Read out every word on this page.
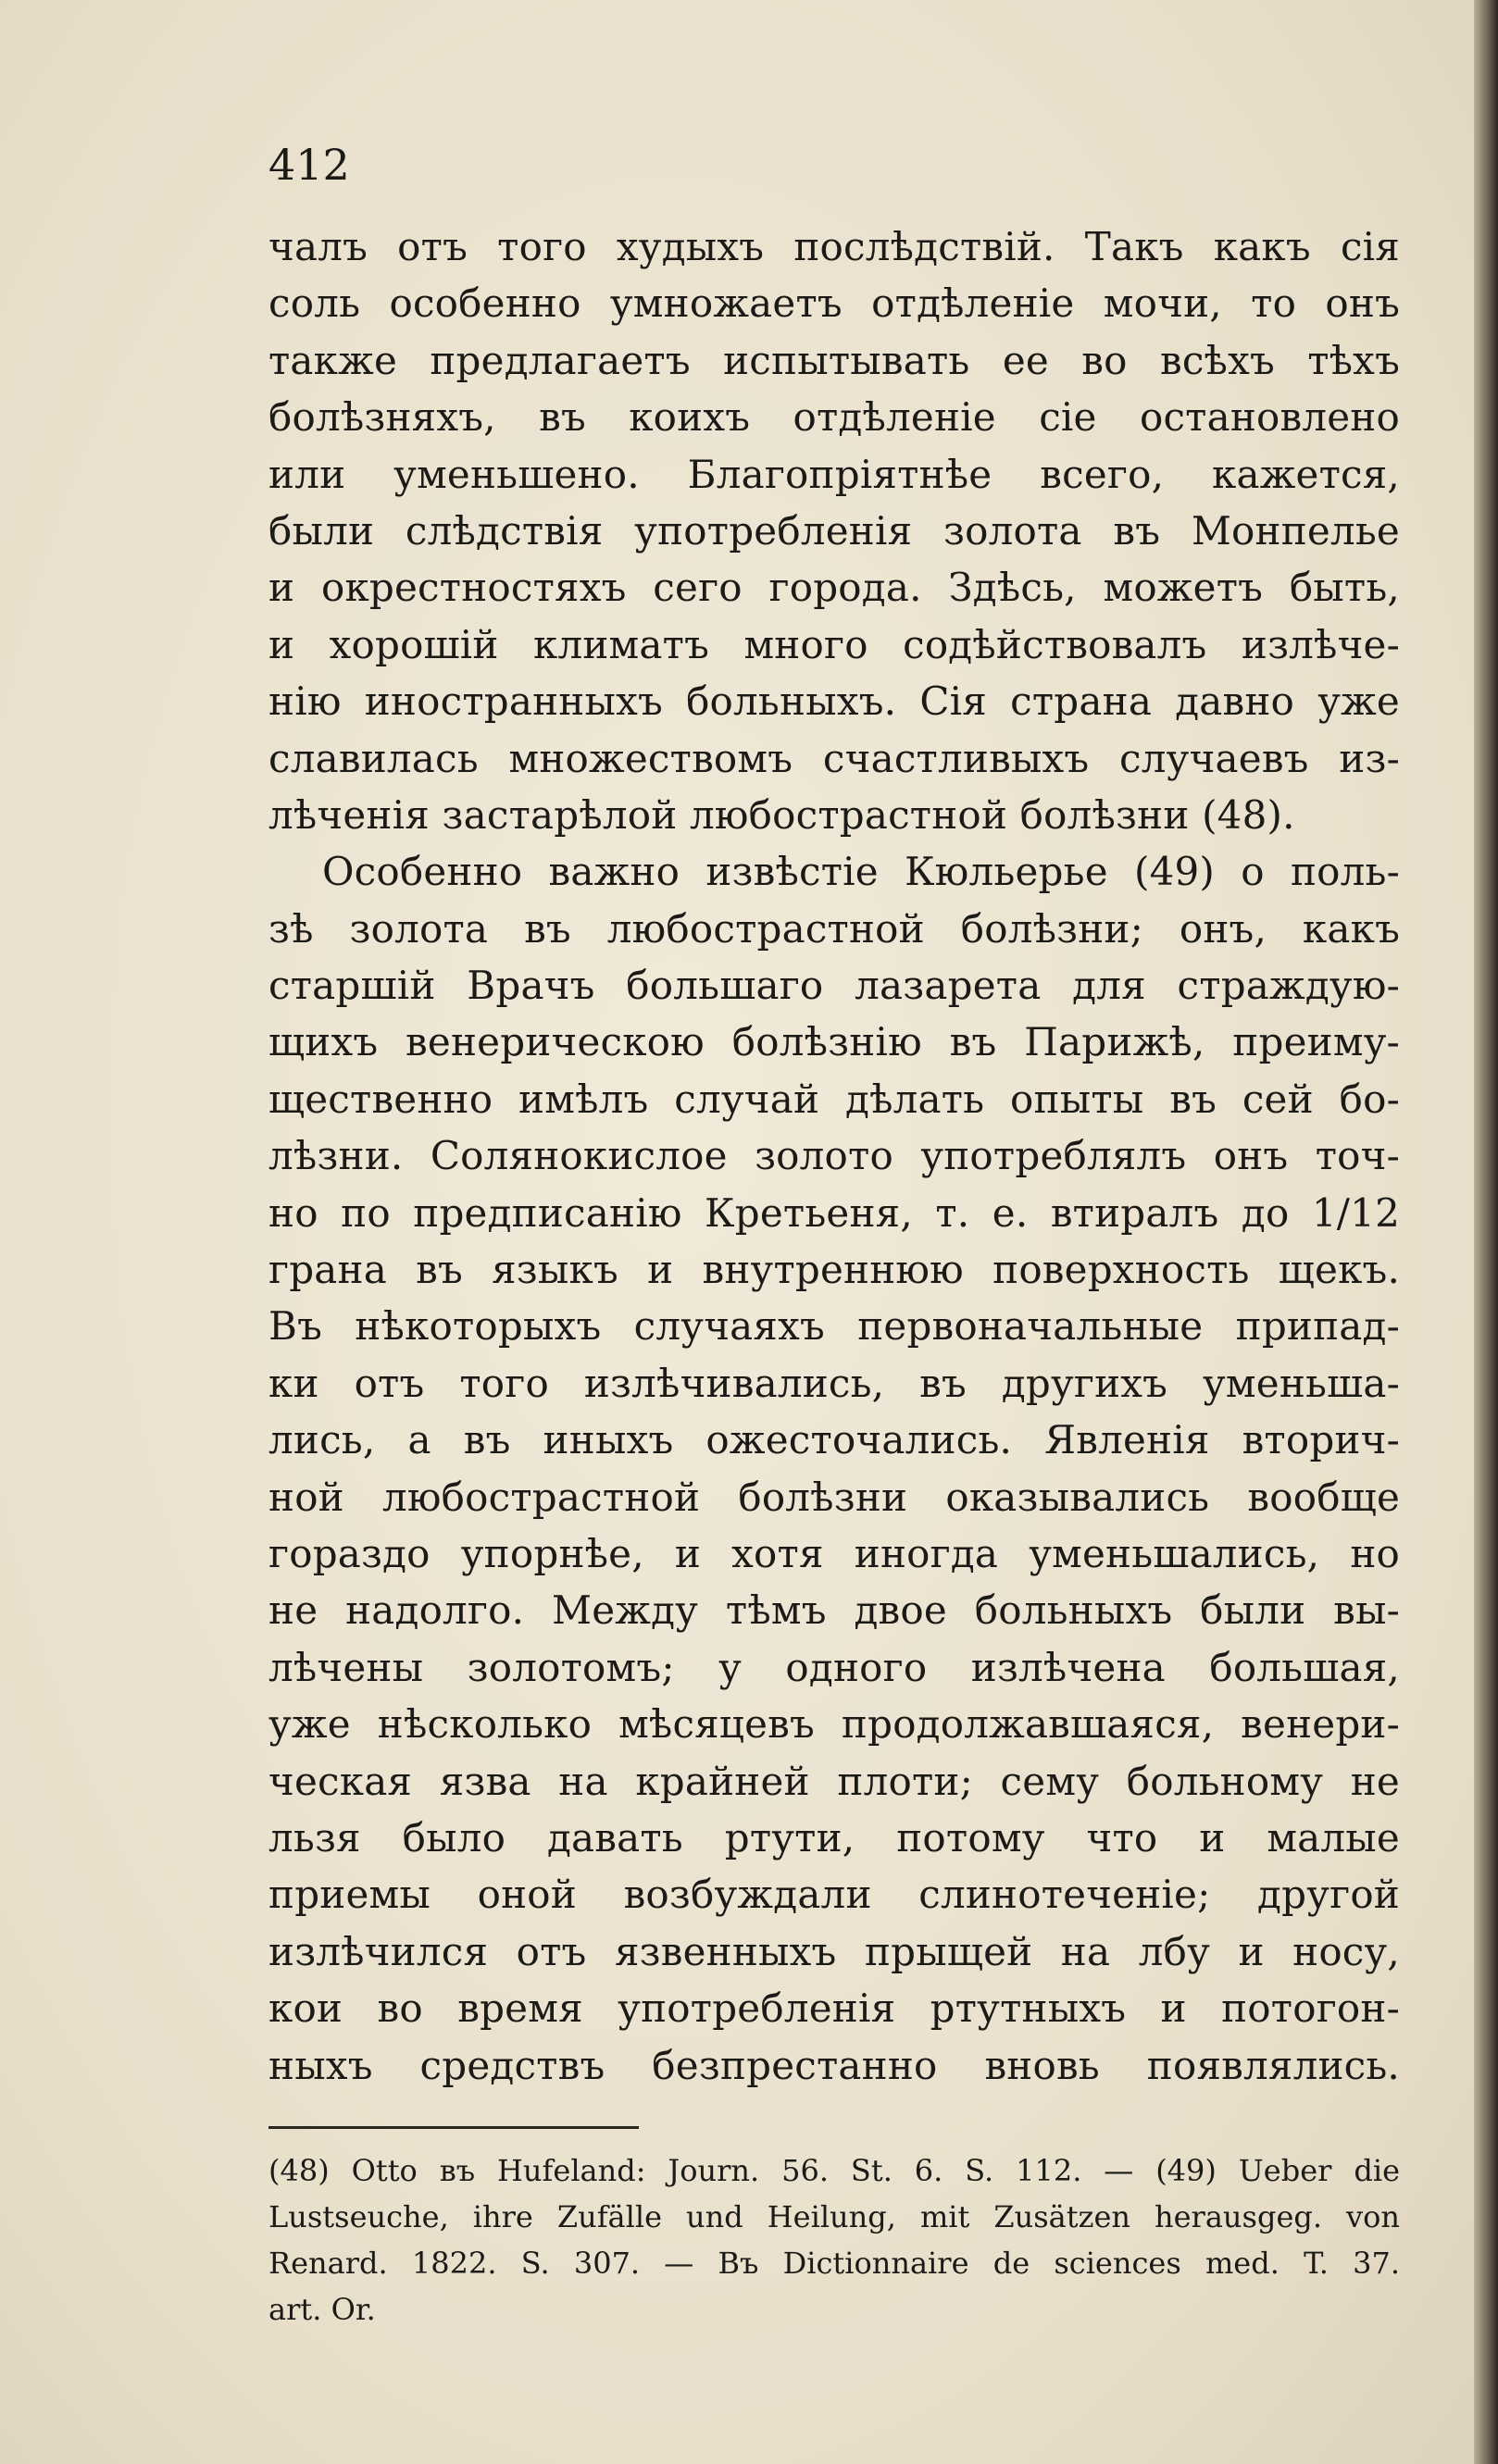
412
чалъ отъ того худыхъ послѣдствій. Такъ какъ сія
соль особенно умножаетъ отдѣленіе мочи, то онъ
также предлагаетъ испытывать ее во всѣхъ тѣхъ
болѣзняхъ, въ коихъ отдѣленіе сіе остановлено
или уменьшено. Благопріятнѣе всего, кажется,
были слѣдствія употребленія золота въ Монпелье
и окрестностяхъ сего города. Здѣсь, можетъ быть,
и хорошій климатъ много содѣйствовалъ излѣче-
нію иностранныхъ больныхъ. Сія страна давно уже
славилась множествомъ счастливыхъ случаевъ из-
лѣченія застарѣлой любострастной болѣзни (48).
Особенно важно извѣстіе Кюльерье (49) о поль-
зѣ золота въ любострастной болѣзни; онъ, какъ
старшій Врачъ большаго лазарета для страждую-
щихъ венерическою болѣзнію въ Парижѣ, преиму-
щественно имѣлъ случай дѣлать опыты въ сей бо-
лѣзни. Солянокислое золото употреблялъ онъ точ-
но по предписанію Кретьеня, т. е. втиралъ до 1/12
грана въ языкъ и внутреннюю поверхность щекъ.
Въ нѣкоторыхъ случаяхъ первоначальные припад-
ки отъ того излѣчивались, въ другихъ уменьша-
лись, а въ иныхъ ожесточались. Явленія вторич-
ной любострастной болѣзни оказывались вообще
гораздо упорнѣе, и хотя иногда уменьшались, но
не надолго. Между тѣмъ двое больныхъ были вы-
лѣчены золотомъ; у одного излѣчена большая,
уже нѣсколько мѣсяцевъ продолжавшаяся, венери-
ческая язва на крайней плоти; сему больному не
льзя было давать ртути, потому что и малые
приемы оной возбуждали слинотеченіе; другой
излѣчился отъ язвенныхъ прыщей на лбу и носу,
кои во время употребленія ртутныхъ и потогон-
ныхъ средствъ безпрестанно вновь появлялись.
(48) Otto въ Hufeland: Journ. 56. St. 6. S. 112. — (49) Ueber die
Lustseuche, ihre Zufälle und Heilung, mit Zusätzen herausgeg. von
Renard. 1822. S. 307. — Въ Dictionnaire de sciences med. T. 37.
art. Or.
